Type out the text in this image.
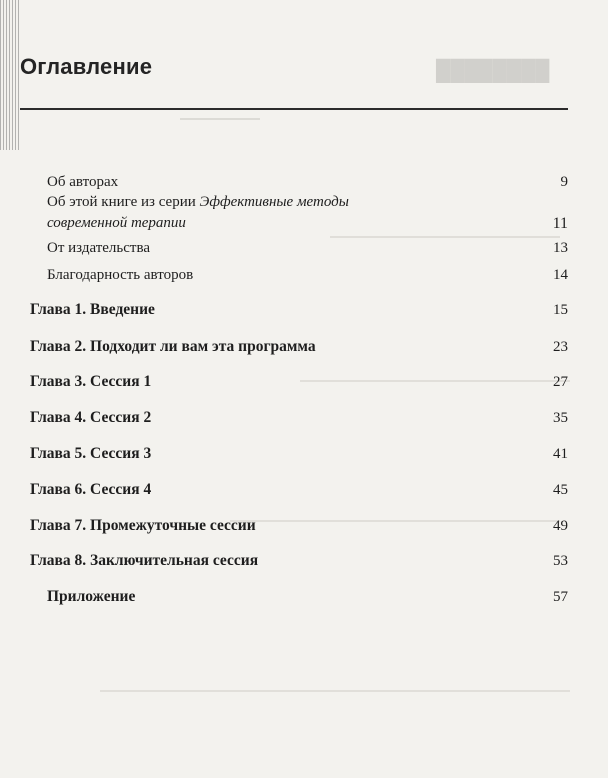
████████
Оглавление
Об авторах	9
Об этой книге из серии Эффективные методы
современной терапии	11
От издательства	13
Благодарность авторов	14
Глава 1. Введение	15
Глава 2. Подходит ли вам эта программа	23
Глава 3. Сессия 1	27
Глава 4. Сессия 2	35
Глава 5. Сессия 3	41
Глава 6. Сессия 4	45
Глава 7. Промежуточные сессии	49
Глава 8. Заключительная сессия	53
Приложение	57
